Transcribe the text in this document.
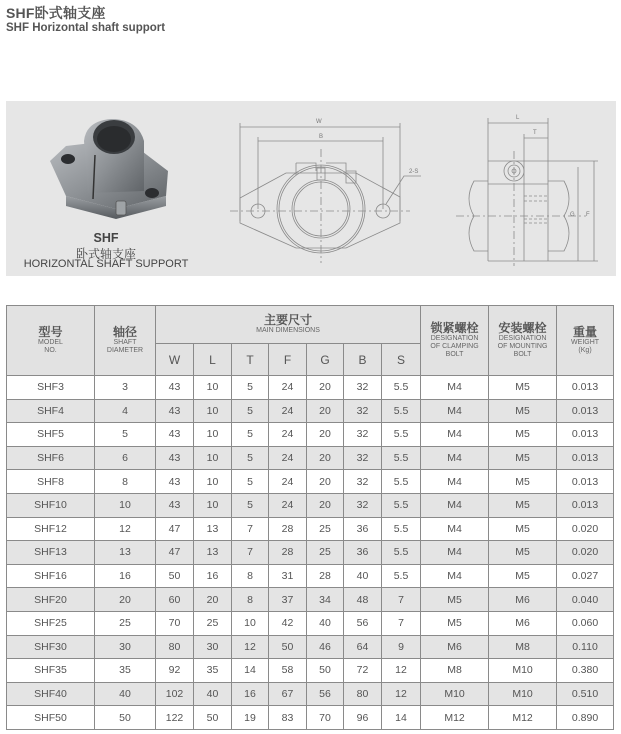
SHF卧式轴支座
SHF Horizontal shaft support
SHF
卧式轴支座
HORIZONTAL SHAFT SUPPORT
W
B
2-S
L
T
G F
型号
MODEL
NO.	轴径
SHAFT
DIAMETER	主要尺寸
MAIN DIMENSIONS							锁紧螺栓
DESIGNATION
OF CLAMPING
BOLT	安装螺栓
DESIGNATION
OF MOUNTING
BOLT	重量
WEIGHT
(Kg)

		W	L	T	F	G	B	S			
SHF3	3	43	10	5	24	20	32	5.5	M4	M5	0.013
SHF4	4	43	10	5	24	20	32	5.5	M4	M5	0.013
SHF5	5	43	10	5	24	20	32	5.5	M4	M5	0.013
SHF6	6	43	10	5	24	20	32	5.5	M4	M5	0.013
SHF8	8	43	10	5	24	20	32	5.5	M4	M5	0.013
SHF10	10	43	10	5	24	20	32	5.5	M4	M5	0.013
SHF12	12	47	13	7	28	25	36	5.5	M4	M5	0.020
SHF13	13	47	13	7	28	25	36	5.5	M4	M5	0.020
SHF16	16	50	16	8	31	28	40	5.5	M4	M5	0.027
SHF20	20	60	20	8	37	34	48	7	M5	M6	0.040
SHF25	25	70	25	10	42	40	56	7	M5	M6	0.060
SHF30	30	80	30	12	50	46	64	9	M6	M8	0.110
SHF35	35	92	35	14	58	50	72	12	M8	M10	0.380
SHF40	40	102	40	16	67	56	80	12	M10	M10	0.510
SHF50	50	122	50	19	83	70	96	14	M12	M12	0.890
